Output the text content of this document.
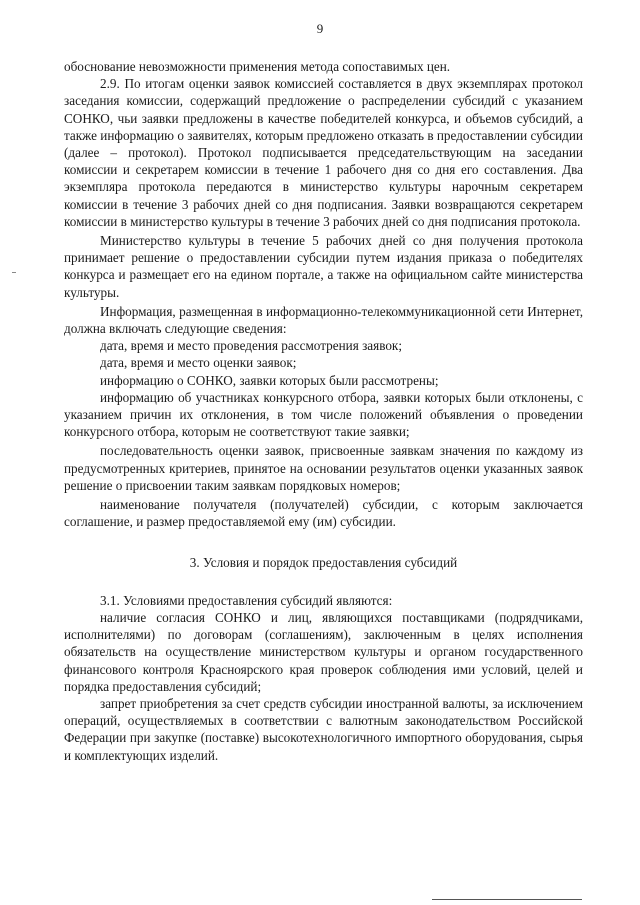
9

обоснование невозможности применения метода сопоставимых цен.

2.9. По итогам оценки заявок комиссией составляется в двух экземплярах протокол заседания комиссии, содержащий предложение о распределении субсидий с указанием СОНКО, чьи заявки предложены в качестве победителей конкурса, и объемов субсидий, а также информацию о заявителях, которым предложено отказать в предоставлении субсидии (далее – протокол). Протокол подписывается председательствующим на заседании комиссии и секретарем комиссии в течение 1 рабочего дня со дня его составления. Два экземпляра протокола передаются в министерство культуры нарочным секретарем комиссии в течение 3 рабочих дней со дня подписания. Заявки возвращаются секретарем комиссии в министерство культуры в течение 3 рабочих дней со дня подписания протокола.

Министерство культуры в течение 5 рабочих дней со дня получения протокола принимает решение о предоставлении субсидии путем издания приказа о победителях конкурса и размещает его на едином портале, а также на официальном сайте министерства культуры.

Информация, размещенная в информационно-телекоммуникационной сети Интернет, должна включать следующие сведения:

дата, время и место проведения рассмотрения заявок;

дата, время и место оценки заявок;

информацию о СОНКО, заявки которых были рассмотрены;

информацию об участниках конкурсного отбора, заявки которых были отклонены, с указанием причин их отклонения, в том числе положений объявления о проведении конкурсного отбора, которым не соответствуют такие заявки;

последовательность оценки заявок, присвоенные заявкам значения по каждому из предусмотренных критериев, принятое на основании результатов оценки указанных заявок решение о присвоении таким заявкам порядковых номеров;

наименование получателя (получателей) субсидии, с которым заключается соглашение, и размер предоставляемой ему (им) субсидии.

3. Условия и порядок предоставления субсидий

3.1. Условиями предоставления субсидий являются:

наличие согласия СОНКО и лиц, являющихся поставщиками (подрядчиками, исполнителями) по договорам (соглашениям), заключенным в целях исполнения обязательств на осуществление министерством культуры и органом государственного финансового контроля Красноярского края проверок соблюдения ими условий, целей и порядка предоставления субсидий;

запрет приобретения за счет средств субсидии иностранной валюты, за исключением операций, осуществляемых в соответствии с валютным законодательством Российской Федерации при закупке (поставке) высокотехнологичного импортного оборудования, сырья и комплектующих изделий.
